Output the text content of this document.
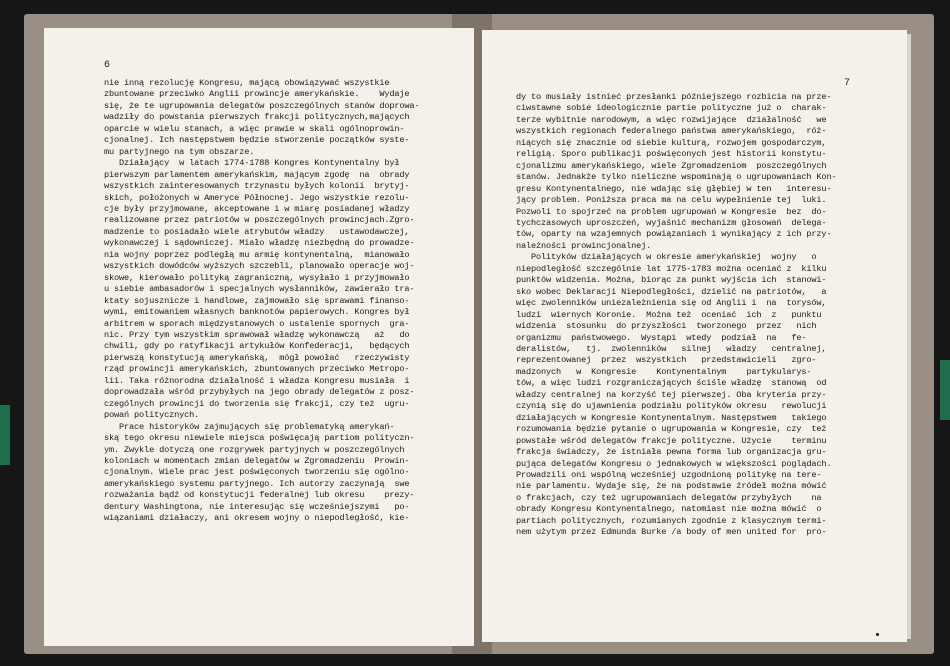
6
nie inną rezolucję Kongresu, mającą obowiązywać wszystkie
zbuntowane przeciwko Anglii prowincje amerykańskie.    Wydaje
się, że te ugrupowania delegatów poszczególnych stanów doprowa-
wadziły do powstania pierwszych frakcji politycznych,mających
oparcie w wielu stanach, a więc prawie w skali ogólnoprowin-
cjonalnej. Ich następstwem będzie stworzenie początków syste-
mu partyjnego na tym obszarze.
Działający  w latach 1774-1788 Kongres Kontynentalny był
pierwszym parlamentem amerykańskim, mającym zgodę  na  obrady
wszystkich zainteresowanych trzynastu byłych kolonii  brytyj-
skich, położonych w Ameryce Północnej. Jego wszystkie rezolu-
cje były przyjmowane, akceptowane i w miarę posiadanej władzy
realizowane przez patriotów w poszczególnych prowincjach.Zgro-
madzenie to posiadało wiele atrybutów władzy   ustawodawczej,
wykonawczej i sądowniczej. Miało władzę niezbędną do prowadze-
nia wojny poprzez podległą mu armię kontynentalną,  mianowało
wszystkich dowódców wyższych szczebli, planowało operacje woj-
skowe, kierowało polityką zagraniczną, wysyłało i przyjmowało
u siebie ambasadorów i specjalnych wysłanników, zawierało tra-
ktaty sojusznicze i handlowe, zajmowało się sprawami finanso-
wymi, emitowaniem własnych banknotów papierowych. Kongres był
arbitrem w sporach międzystanowych o ustalenie spornych  gra-
nic. Przy tym wszystkim sprawował władzę wykonawczą   aż   do
chwili, gdy po ratyfikacji artykułów Konfederacji,   będących
pierwszą konstytucją amerykańską,  mógł powołać   rzeczywisty
rząd prowincji amerykańskich, zbuntowanych przeciwko Metropo-
lii. Taka różnorodna działalność i władza Kongresu musiała  i
doprowadzała wśród przybyłych na jego obrady delegatów z posz-
czególnych prowincji do tworzenia się frakcji, czy też  ugru-
powań politycznych.
Prace historyków zajmujących się problematyką amerykań-
ską tego okresu niewiele miejsca poświęcają partiom polityczn-
ym. Zwykle dotyczą one rozgrywek partyjnych w poszczególnych
koloniach w momentach zmian delegatów w Zgromadzeniu  Prowin-
cjonalnym. Wiele prac jest poświęconych tworzeniu się ogólno-
amerykańskiego systemu partyjnego. Ich autorzy zaczynają  swe
rozważania bądź od konstytucji federalnej lub okresu    prezy-
dentury Washingtona, nie interesując się wcześniejszymi   po-
wiązaniami działaczy, ani okresem wojny o niepodległość, kie-
7
dy to musiały istnieć przesłanki późniejszego rozbicia na prze-
ciwstawne sobie ideologicznie partie polityczne już o  charak-
terze wybitnie narodowym, a więc rozwijające  działalność   we
wszystkich regionach federalnego państwa amerykańskiego,  róż-
niących się znacznie od siebie kulturą, rozwojem gospodarczym,
religią. Sporo publikacji poświęconych jest historii konstytu-
cjonalizmu amerykańskiego, wiele Zgromadzeniom  poszczególnych
stanów. Jednakże tylko nieliczne wspominają o ugrupowaniach Kon-
gresu Kontynentalnego, nie wdając się głębiej w ten   interesu-
jący problem. Poniższa praca ma na celu wypełnienie tej  luki.
Pozwoli to spojrzeć na problem ugrupowań w Kongresie  bez  do-
tychczasowych uproszczeń, wyjaśnić mechanizm głosowań  delega-
tów, oparty na wzajemnych powiązaniach i wynikający z ich przy-
należności prowincjonalnej.
Polityków działających w okresie amerykańskiej  wojny   o
niepodległość szczególnie lat 1775-1783 można oceniać z  kilku
punktów widzenia. Można, biorąc za punkt wyjścia ich  stanowi-
sko wobec Deklaracji Niepodległości, dzielić na patriotów,   a
więc zwolenników uniezależnienia się od Anglii i  na  torysów,
ludzi  wiernych Koronie.  Można też  oceniać  ich  z   punktu
widzenia  stosunku  do przyszłości  tworzonego  przez   nich
organizmu  państwowego.  Wystąpi  wtedy  podział  na   fe-
deralistów,   tj.  zwolenników   silnej   władzy   centralnej,
reprezentowanej  przez  wszystkich   przedstawicieli   zgro-
madzonych   w  Kongresie    Kontynentalnym    partykularys-
tów, a więc ludzi rozgraniczających ściśle władzę  stanową  od
władzy centralnej na korzyść tej pierwszej. Oba kryteria przy-
czynią się do ujawnienia podziału polityków okresu   rewolucji
działających w Kongresie Kontynentalnym. Następstwem   takiego
rozumowania będzie pytanie o ugrupowania w Kongresie, czy  też
powstałe wśród delegatów frakcje polityczne. Użycie    terminu
frakcja świadczy, że istniała pewna forma lub organizacja gru-
pująca delegatów Kongresu o jednakowych w większości poglądach.
Prowadzili oni wspólną wcześniej uzgodnioną politykę na tere-
nie parlamentu. Wydaje się, że na podstawie źródeł można mówić
o frakcjach, czy też ugrupowaniach delegatów przybyłych    na
obrady Kongresu Kontynentalnego, natomiast nie można mówić  o
partiach politycznych, rozumianych zgodnie z klasycznym termi-
nem użytym przez Edmunda Burke /a body of men united for  pro-
